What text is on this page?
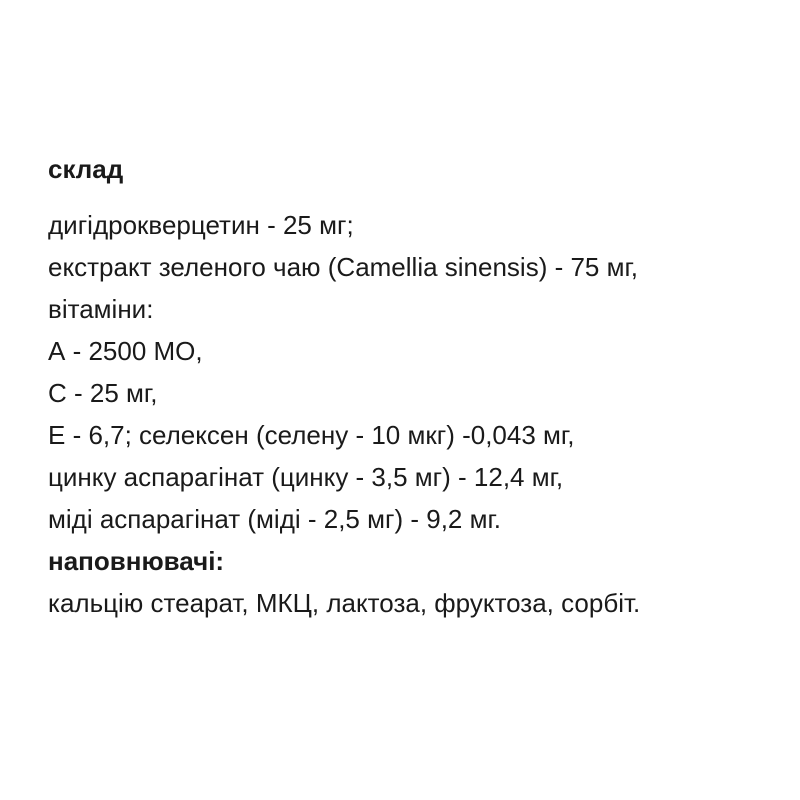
склад
дигідрокверцетин - 25 мг;
екстракт зеленого чаю (Camellia sinensis) - 75 мг,
вітаміни:
А - 2500 МО,
С - 25 мг,
Е - 6,7; селексен (селену - 10 мкг) -0,043 мг,
цинку аспарагінат (цинку - 3,5 мг) - 12,4 мг,
міді аспарагінат (міді - 2,5 мг) - 9,2 мг.
наповнювачі:
кальцію стеарат, МКЦ, лактоза, фруктоза, сорбіт.
